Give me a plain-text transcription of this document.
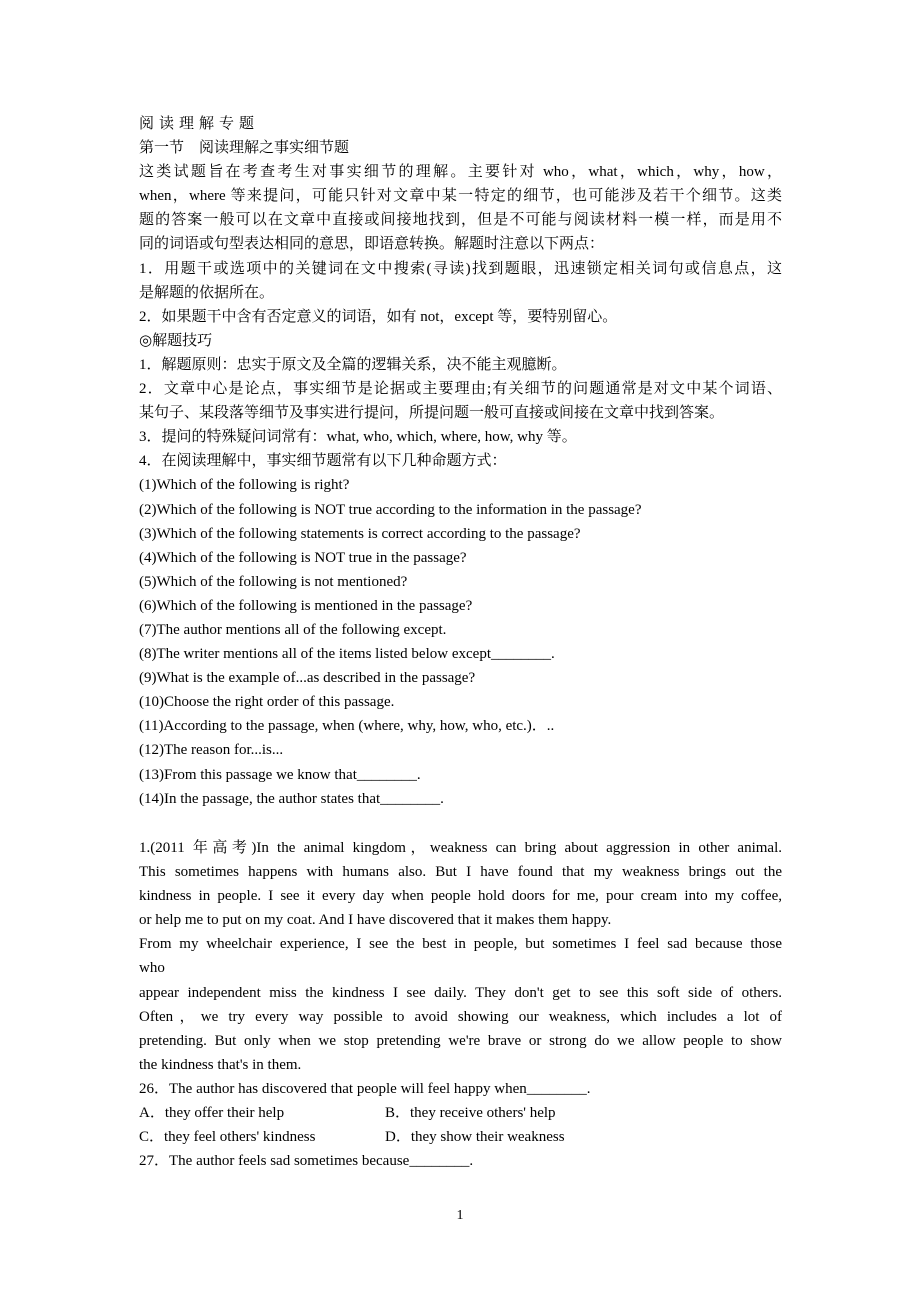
阅读理解专题
第一节　阅读理解之事实细节题
这类试题旨在考查考生对事实细节的理解。主要针对 who，what，which，why，how，
when，where 等来提问，可能只针对文章中某一特定的细节，也可能涉及若干个细节。这类
题的答案一般可以在文章中直接或间接地找到，但是不可能与阅读材料一模一样，而是用不
同的词语或句型表达相同的意思，即语意转换。解题时注意以下两点：
1．用题干或选项中的关键词在文中搜索(寻读)找到题眼，迅速锁定相关词句或信息点，这
是解题的依据所在。
2．如果题干中含有否定意义的词语，如有 not，except 等，要特别留心。
◎解题技巧
1．解题原则：忠实于原文及全篇的逻辑关系，决不能主观臆断。
2．文章中心是论点，事实细节是论据或主要理由;有关细节的问题通常是对文中某个词语、
某句子、某段落等细节及事实进行提问，所提问题一般可直接或间接在文章中找到答案。
3．提问的特殊疑问词常有：what, who, which, where, how, why 等。
4．在阅读理解中，事实细节题常有以下几种命题方式：
(1)Which of the following is right?
(2)Which of the following is NOT true according to the information in the passage?
(3)Which of the following statements is correct according to the passage?
(4)Which of the following is NOT true in the passage?
(5)Which of the following is not mentioned?
(6)Which of the following is mentioned in the passage?
(7)The author mentions all of the following except.
(8)The writer mentions all of the items listed below except________.
(9)What is the example of...as described in the passage?
(10)Choose the right order of this passage.
(11)According to the passage, when (where, why, how, who, etc.)．..
(12)The reason for...is...
(13)From this passage we know that________.
(14)In the passage, the author states that________.
1.(2011 年高考)In the animal kingdom，weakness can bring about aggression in other animal.
This sometimes happens with humans also. But I have found that my weakness brings out the
kindness in people. I see it every day when people hold doors for me, pour cream into my coffee,
or help me to put on my coat. And I have discovered that it makes them happy.
From my wheelchair experience, I see the best in people, but sometimes I feel sad because those
who
appear independent miss the kindness I see daily. They don't get to see this soft side of others.
Often，we try every way possible to avoid showing our weakness, which includes a lot of
pretending. But only when we stop pretending we're brave or strong do we allow people to show
the kindness that's in them.
26．The author has discovered that people will feel happy when________.
A．they offer their help	B．they receive others' help
C．they feel others' kindness	D．they show their weakness
27．The author feels sad sometimes because________.
1
